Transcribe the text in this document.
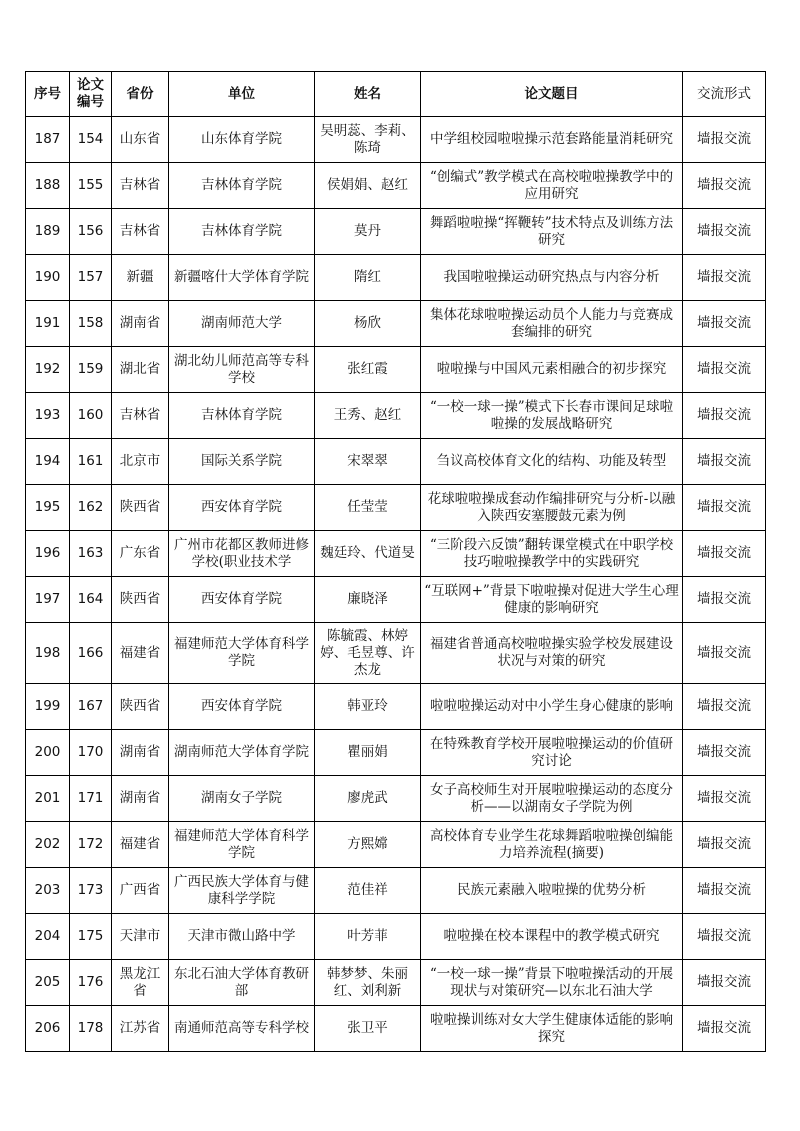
序号	论文编号	省份	单位	姓名	论文题目	交流形式
187	154	山东省	山东体育学院	吴明蕊、李莉、陈琦	中学组校园啦啦操示范套路能量消耗研究	墙报交流
188	155	吉林省	吉林体育学院	侯娟娟、赵红	“创编式”教学模式在高校啦啦操教学中的应用研究	墙报交流
189	156	吉林省	吉林体育学院	莫丹	舞蹈啦啦操“挥鞭转”技术特点及训练方法研究	墙报交流
190	157	新疆	新疆喀什大学体育学院	隋红	我国啦啦操运动研究热点与内容分析	墙报交流
191	158	湖南省	湖南师范大学	杨欣	集体花球啦啦操运动员个人能力与竞赛成套编排的研究	墙报交流
192	159	湖北省	湖北幼儿师范高等专科学校	张红霞	啦啦操与中国风元素相融合的初步探究	墙报交流
193	160	吉林省	吉林体育学院	王秀、赵红	“一校一球一操”模式下长春市课间足球啦啦操的发展战略研究	墙报交流
194	161	北京市	国际关系学院	宋翠翠	刍议高校体育文化的结构、功能及转型	墙报交流
195	162	陕西省	西安体育学院	任莹莹	花球啦啦操成套动作编排研究与分析-以融入陕西安塞腰鼓元素为例	墙报交流

196	163	广东省	广州市花都区教师进修学校(职业技术学	魏廷玲、代道旻	“三阶段六反馈”翻转课堂模式在中职学校技巧啦啦操教学中的实践研究	墙报交流

197	164	陕西省	西安体育学院	廉晓泽	“互联网+”背景下啦啦操对促进大学生心理健康的影响研究	墙报交流
198	166	福建省	福建师范大学体育科学学院	陈毓霞、林婷婷、毛昱尊、许杰龙	福建省普通高校啦啦操实验学校发展建设状况与对策的研究	墙报交流
199	167	陕西省	西安体育学院	韩亚玲	啦啦啦操运动对中小学生身心健康的影响	墙报交流
200	170	湖南省	湖南师范大学体育学院	瞿丽娟	在特殊教育学校开展啦啦操运动的价值研究讨论	墙报交流
201	171	湖南省	湖南女子学院	廖虎武	女子高校师生对开展啦啦操运动的态度分析——以湖南女子学院为例	墙报交流
202	172	福建省	福建师范大学体育科学学院	方熙嫦	高校体育专业学生花球舞蹈啦啦操创编能力培养流程(摘要)	墙报交流
203	173	广西省	广西民族大学体育与健康科学学院	范佳祥	民族元素融入啦啦操的优势分析	墙报交流
204	175	天津市	天津市微山路中学	叶芳菲	啦啦操在校本课程中的教学模式研究	墙报交流

205	176	黑龙江省	东北石油大学体育教研部	韩梦梦、朱丽红、刘利新	“一校一球一操”背景下啦啦操活动的开展现状与对策研究—以东北石油大学	墙报交流

206	178	江苏省	南通师范高等专科学校	张卫平	啦啦操训练对女大学生健康体适能的影响探究	墙报交流
